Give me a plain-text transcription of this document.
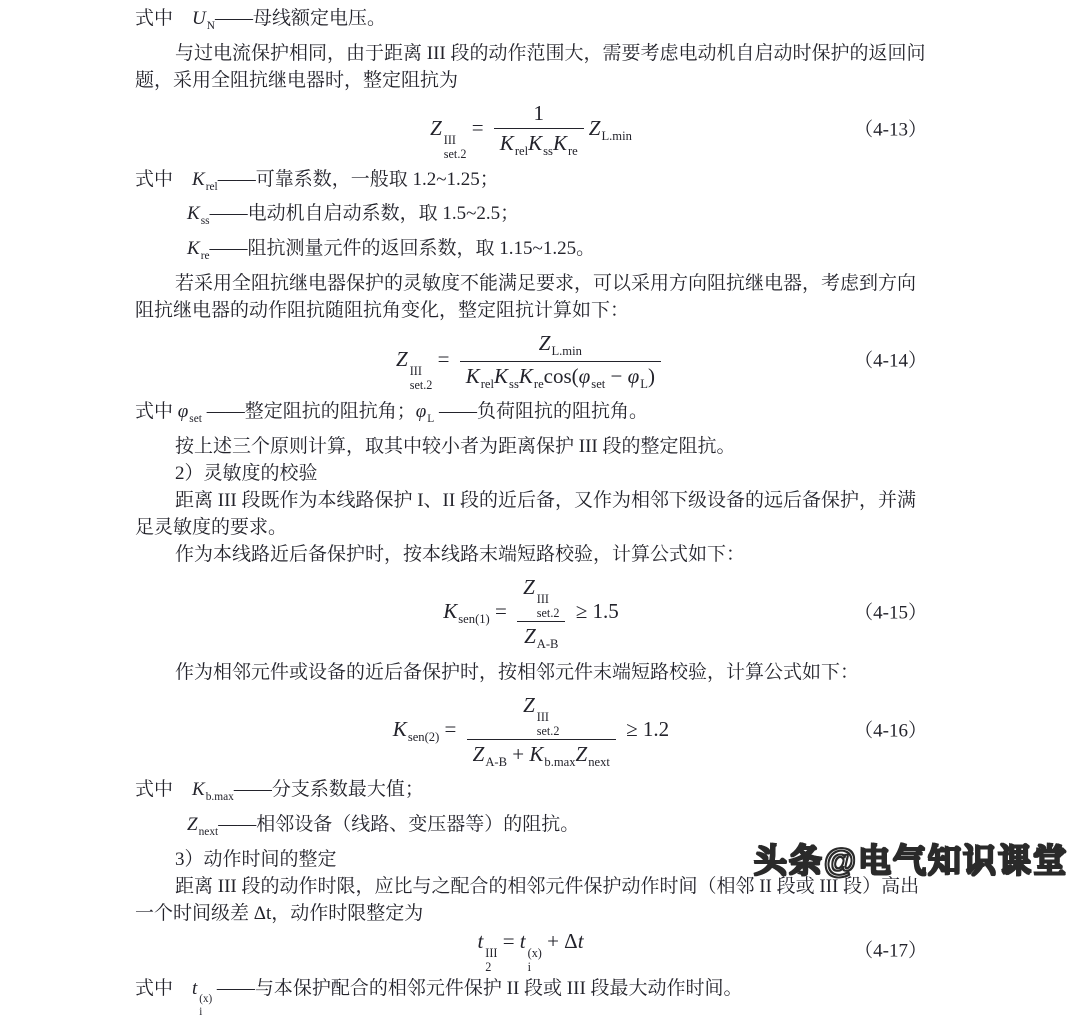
式中　$U_N——$母线额定电压。

与过电流保护相同，由于距离 III 段的动作范围大，需要考虑电动机自启动时保护的返回问题，采用全阻抗继电器时，整定阻抗为

Z
III
set.2
= $\frac{1}{K_{rel}K_{ss}K_{re}} Z_{L.min}$	（4-13）

式中　$K_{rel}——$可靠系数，一般取 1.2~1.25；

$K_{ss}——$电动机自启动系数，取 1.5~2.5；

$K_{re}——$阻抗测量元件的返回系数，取 1.15~1.25。

若采用全阻抗继电器保护的灵敏度不能满足要求，可以采用方向阻抗继电器，考虑到方向阻抗继电器的动作阻抗随阻抗角变化，整定阻抗计算如下：

Z
III
set.2
= $\frac{Z_{L.min}}{K_{rel}K_{ss}K_{re}\cos(\varphi_{set} - \varphi_L)}$	（4-14）

式中 $\varphi_{set}$ ——整定阻抗的阻抗角；$\varphi_L$ ——负荷阻抗的阻抗角。

按上述三个原则计算，取其中较小者为距离保护 III 段的整定阻抗。

2）灵敏度的校验

距离 III 段既作为本线路保护 I、II 段的近后备，又作为相邻下级设备的远后备保护，并满足灵敏度的要求。

作为本线路近后备保护时，按本线路末端短路校验，计算公式如下：

$K_{sen(1)} = Z$
III
set.2
$Z_{A-B} \ge 1.5$	（4-15）

作为相邻元件或设备的近后备保护时，按相邻元件末端短路校验，计算公式如下：

$K_{sen(2)} = Z$
III
set.2
$Z_{A-B} + K_{b.max}Z_{next} \ge 1.2$	（4-16）

式中　$K_{b.max}——$分支系数最大值；

$Z_{next}——$相邻设备（线路、变压器等）的阻抗。

3）动作时间的整定

距离 III 段的动作时限，应比与之配合的相邻元件保护动作时间（相邻 II 段或 III 段）高出一个时间级差 Δt，动作时限整定为

t
III
2
= t
(x)
i
+ Δt	（4-17）

式中　t
(x)
i
——与本保护配合的相邻元件保护 II 段或 III 段最大动作时间。

头条@电气知识课堂
